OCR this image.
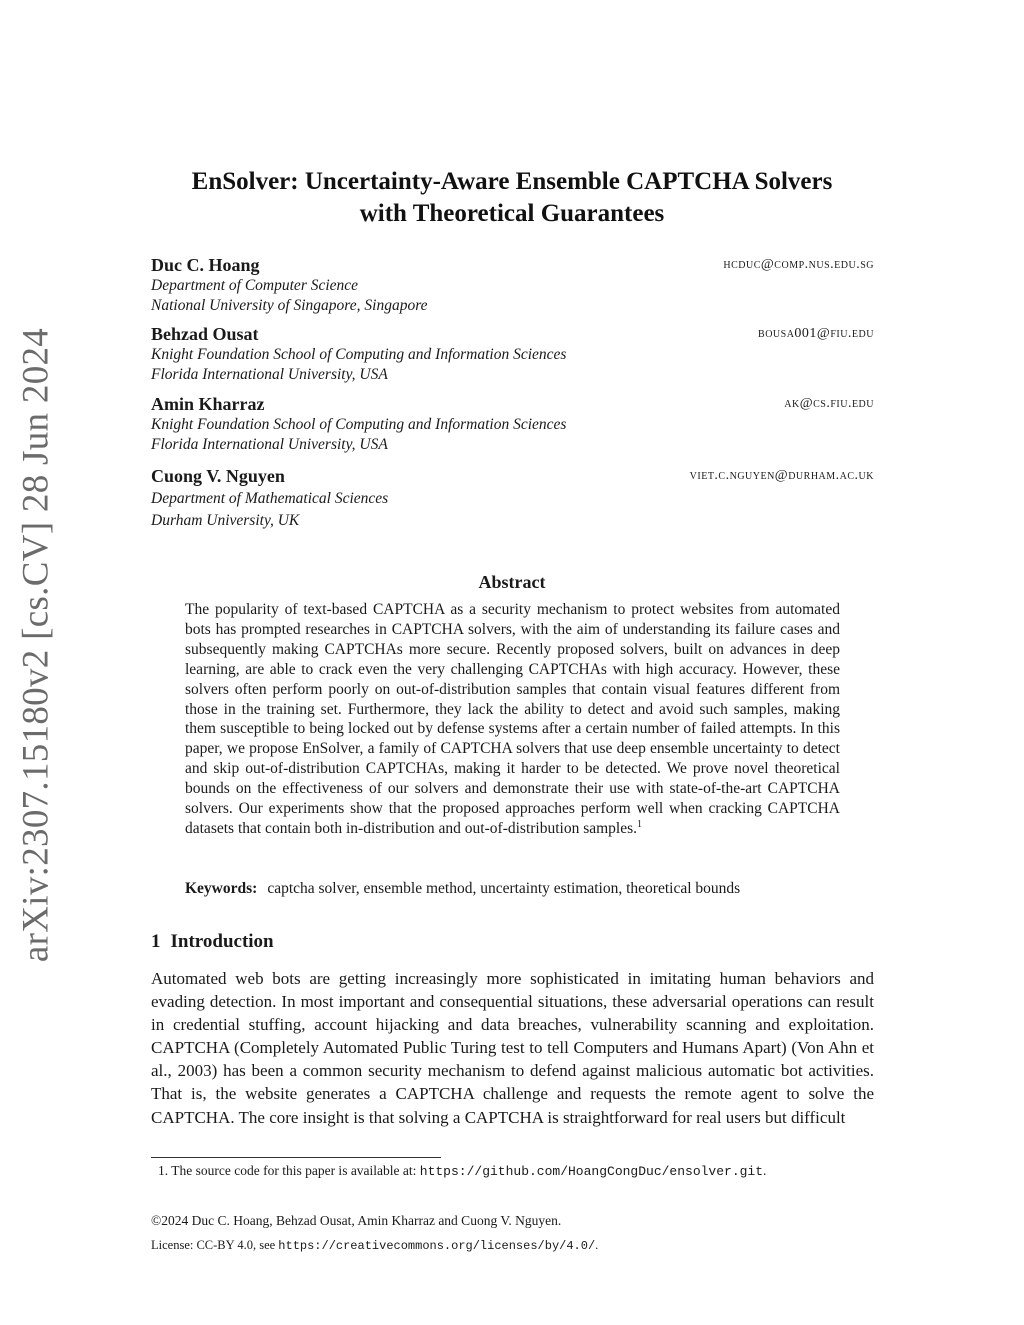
arXiv:2307.15180v2 [cs.CV] 28 Jun 2024
EnSolver: Uncertainty-Aware Ensemble CAPTCHA Solvers
with Theoretical Guarantees
Duc C. Hoang	hcduc@comp.nus.edu.sg
Department of Computer Science
National University of Singapore, Singapore
Behzad Ousat	bousa001@fiu.edu
Knight Foundation School of Computing and Information Sciences
Florida International University, USA
Amin Kharraz	ak@cs.fiu.edu
Knight Foundation School of Computing and Information Sciences
Florida International University, USA
Cuong V. Nguyen	viet.c.nguyen@durham.ac.uk
Department of Mathematical Sciences
Durham University, UK
Abstract
The popularity of text-based CAPTCHA as a security mechanism to protect websites from automated bots has prompted researches in CAPTCHA solvers, with the aim of understanding its failure cases and subsequently making CAPTCHAs more secure. Recently proposed solvers, built on advances in deep learning, are able to crack even the very challenging CAPTCHAs with high accuracy. However, these solvers often perform poorly on out-of-distribution samples that contain visual features different from those in the training set. Furthermore, they lack the ability to detect and avoid such samples, making them susceptible to being locked out by defense systems after a certain number of failed attempts. In this paper, we propose EnSolver, a family of CAPTCHA solvers that use deep ensemble uncertainty to detect and skip out-of-distribution CAPTCHAs, making it harder to be detected. We prove novel theoretical bounds on the effectiveness of our solvers and demonstrate their use with state-of-the-art CAPTCHA solvers. Our experiments show that the proposed approaches perform well when cracking CAPTCHA datasets that contain both in-distribution and out-of-distribution samples.$^1$
Keywords: captcha solver, ensemble method, uncertainty estimation, theoretical bounds
1 Introduction
Automated web bots are getting increasingly more sophisticated in imitating human behaviors and evading detection. In most important and consequential situations, these adversarial operations can result in credential stuffing, account hijacking and data breaches, vulnerability scanning and exploitation. CAPTCHA (Completely Automated Public Turing test to tell Computers and Humans Apart) (Von Ahn et al., 2003) has been a common security mechanism to defend against malicious automatic bot activities. That is, the website generates a CAPTCHA challenge and requests the remote agent to solve the CAPTCHA. The core insight is that solving a CAPTCHA is straightforward for real users but difficult
1. The source code for this paper is available at: https://github.com/HoangCongDuc/ensolver.git.
©2024 Duc C. Hoang, Behzad Ousat, Amin Kharraz and Cuong V. Nguyen.
License: CC-BY 4.0, see https://creativecommons.org/licenses/by/4.0/.
